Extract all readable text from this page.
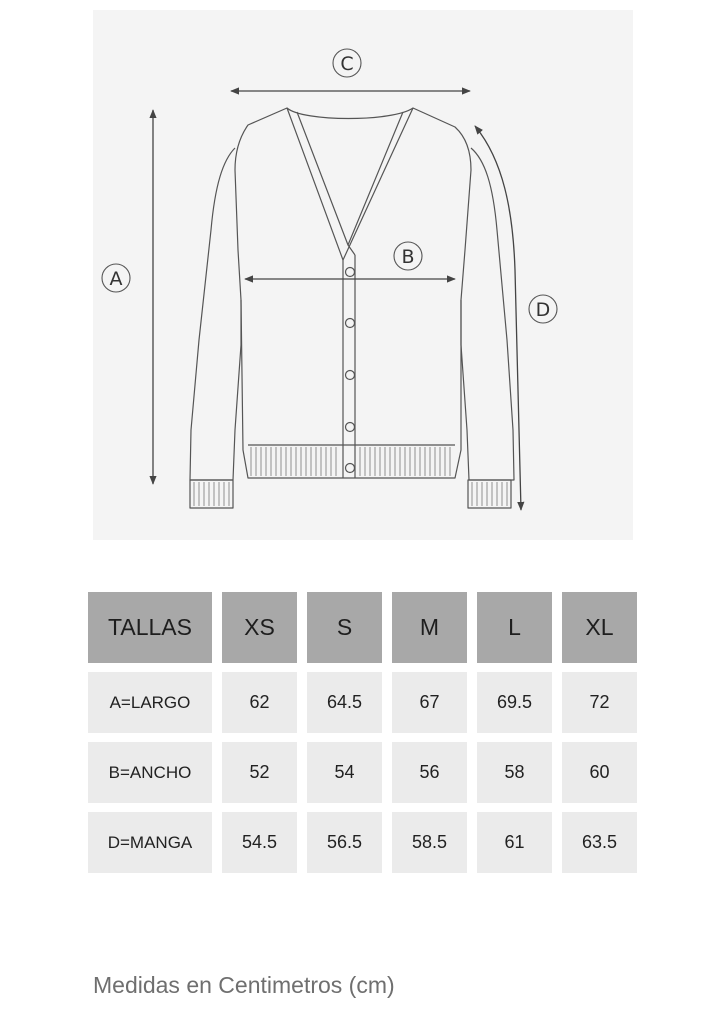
C
B
A
D
TALLAS	XS	S	M	L	XL
A=LARGO	62	64.5	67	69.5	72
B=ANCHO	52	54	56	58	60
D=MANGA	54.5	56.5	58.5	61	63.5

Medidas en Centimetros (cm)
